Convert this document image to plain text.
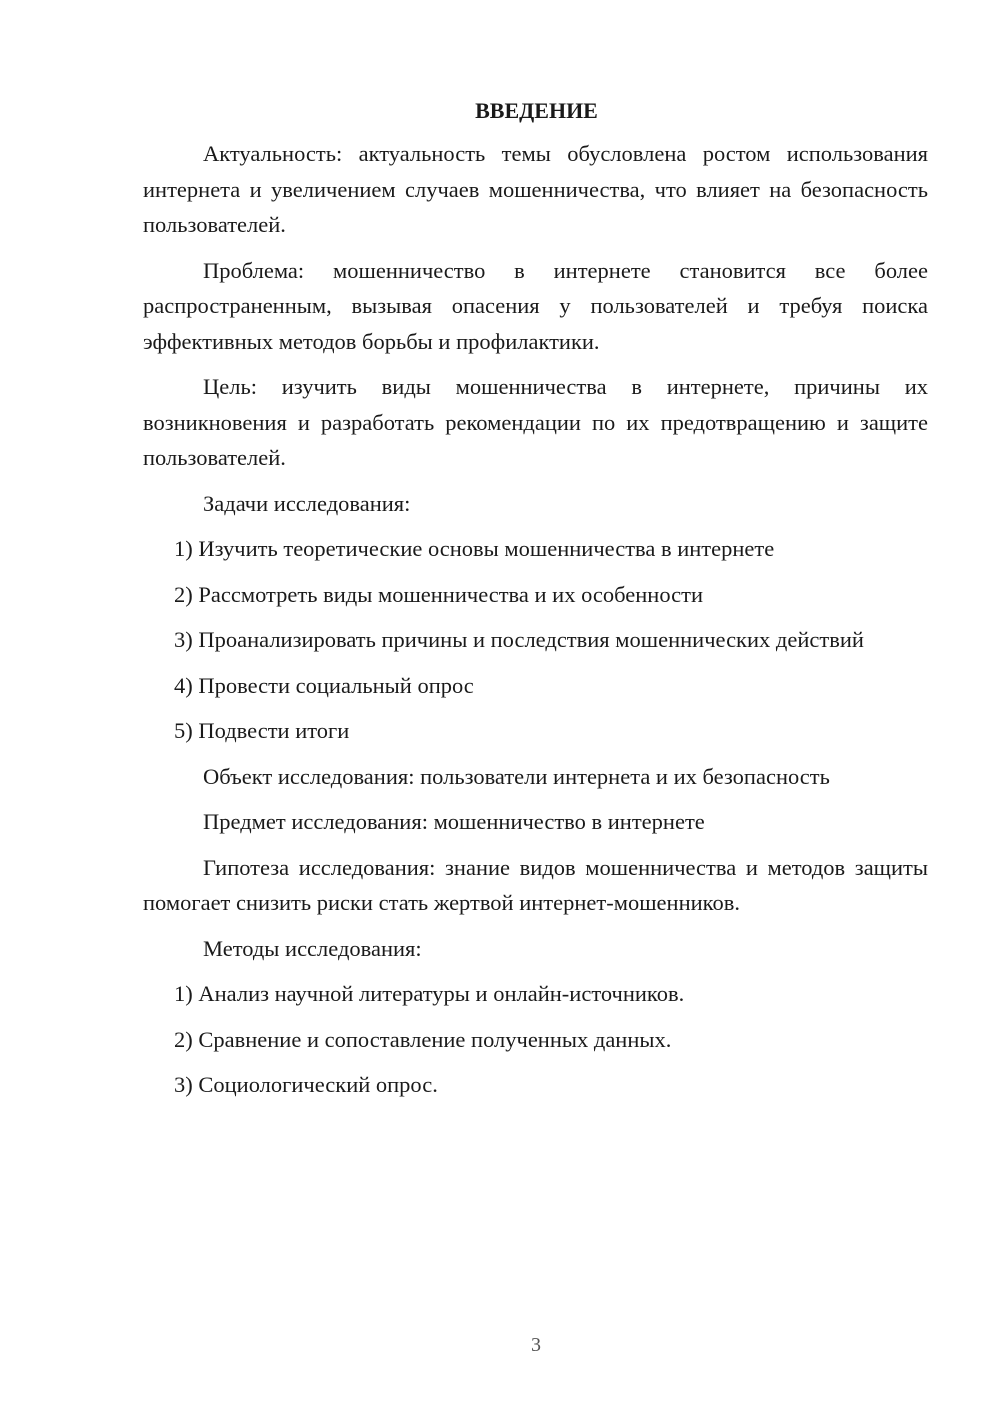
ВВЕДЕНИЕ

Актуальность: актуальность темы обусловлена ростом использования интернета и увеличением случаев мошенничества, что влияет на безопасность пользователей.

Проблема: мошенничество в интернете становится все более распространенным, вызывая опасения у пользователей и требуя поиска эффективных методов борьбы и профилактики.

Цель: изучить виды мошенничества в интернете, причины их возникновения и разработать рекомендации по их предотвращению и защите пользователей.

Задачи исследования:

1) Изучить теоретические основы мошенничества в интернете

2) Рассмотреть виды мошенничества и их особенности

3) Проанализировать причины и последствия мошеннических действий

4) Провести социальный опрос

5) Подвести итоги

Объект исследования: пользователи интернета и их безопасность

Предмет исследования: мошенничество в интернете

Гипотеза исследования: знание видов мошенничества и методов защиты помогает снизить риски стать жертвой интернет-мошенников.

Методы исследования:

1) Анализ научной литературы и онлайн-источников.

2) Сравнение и сопоставление полученных данных.

3) Социологический опрос.

3
